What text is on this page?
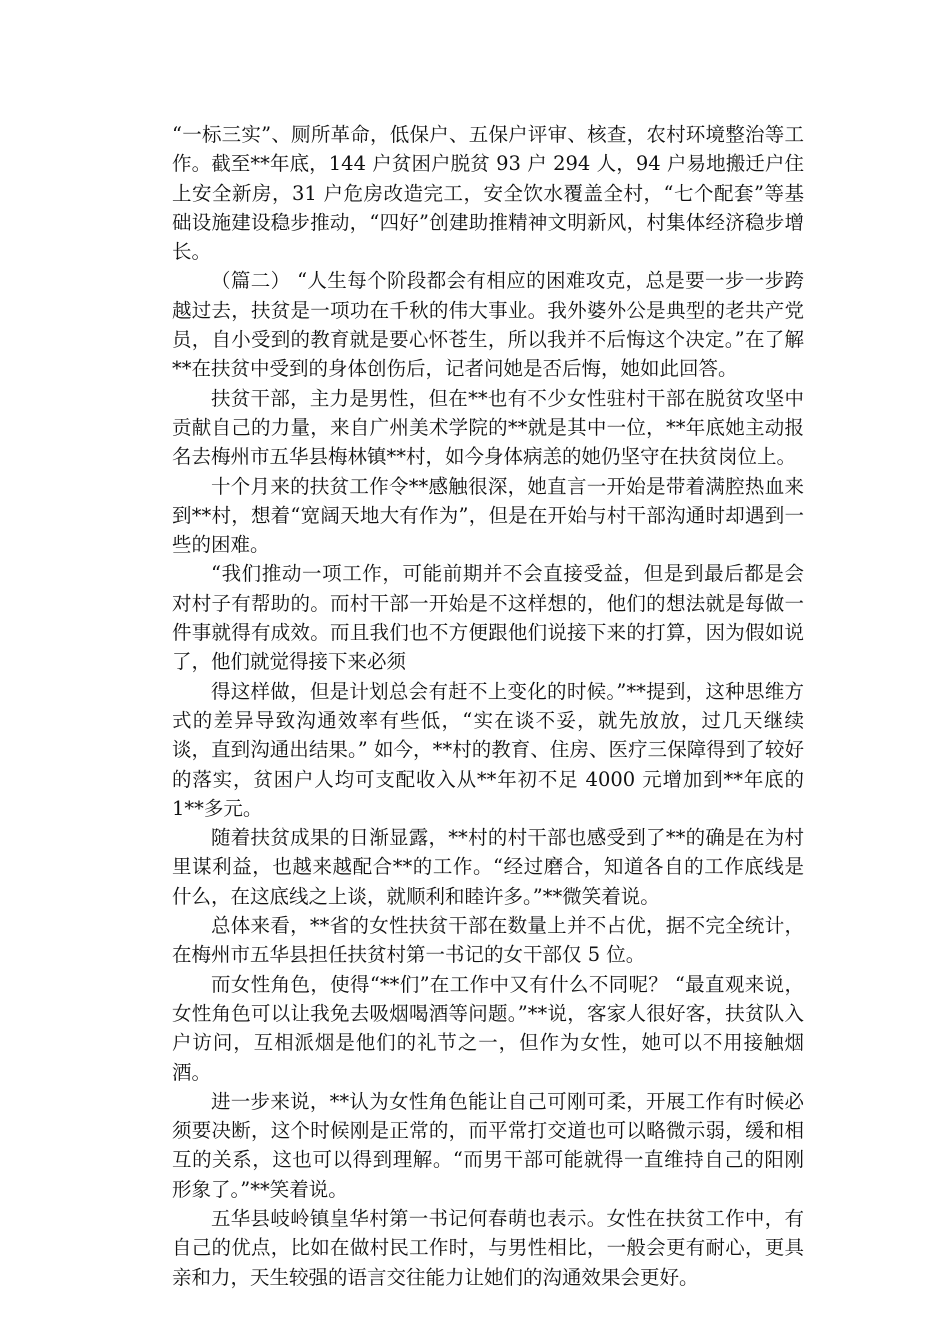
“一标三实”、厕所革命，低保户、五保户评审、核查，农村环境整治等工作。截至**年底，144 户贫困户脱贫 93 户 294 人，94 户易地搬迁户住上安全新房，31 户危房改造完工，安全饮水覆盖全村，“七个配套”等基础设施建设稳步推动，“四好”创建助推精神文明新风，村集体经济稳步增长。

（篇二） “人生每个阶段都会有相应的困难攻克，总是要一步一步跨越过去，扶贫是一项功在千秋的伟大事业。我外婆外公是典型的老共产党员，自小受到的教育就是要心怀苍生，所以我并不后悔这个决定。”在了解**在扶贫中受到的身体创伤后，记者问她是否后悔，她如此回答。

扶贫干部，主力是男性，但在**也有不少女性驻村干部在脱贫攻坚中贡献自己的力量，来自广州美术学院的**就是其中一位，**年底她主动报名去梅州市五华县梅林镇**村，如今身体病恙的她仍坚守在扶贫岗位上。

十个月来的扶贫工作令**感触很深，她直言一开始是带着满腔热血来到**村，想着“宽阔天地大有作为”，但是在开始与村干部沟通时却遇到一些的困难。

“我们推动一项工作，可能前期并不会直接受益，但是到最后都是会对村子有帮助的。而村干部一开始是不这样想的，他们的想法就是每做一件事就得有成效。而且我们也不方便跟他们说接下来的打算，因为假如说了，他们就觉得接下来必须

得这样做，但是计划总会有赶不上变化的时候。”**提到，这种思维方式的差异导致沟通效率有些低，“实在谈不妥，就先放放，过几天继续谈，直到沟通出结果。” 如今，**村的教育、住房、医疗三保障得到了较好的落实，贫困户人均可支配收入从**年初不足 4000 元增加到**年底的 1**多元。

随着扶贫成果的日渐显露，**村的村干部也感受到了**的确是在为村里谋利益，也越来越配合**的工作。“经过磨合，知道各自的工作底线是什么，在这底线之上谈，就顺利和睦许多。”**微笑着说。

总体来看，**省的女性扶贫干部在数量上并不占优，据不完全统计，在梅州市五华县担任扶贫村第一书记的女干部仅 5 位。

而女性角色，使得“**们”在工作中又有什么不同呢？ “最直观来说，女性角色可以让我免去吸烟喝酒等问题。”**说，客家人很好客，扶贫队入户访问，互相派烟是他们的礼节之一，但作为女性，她可以不用接触烟酒。

进一步来说，**认为女性角色能让自己可刚可柔，开展工作有时候必须要决断，这个时候刚是正常的，而平常打交道也可以略微示弱，缓和相互的关系，这也可以得到理解。“而男干部可能就得一直维持自己的阳刚形象了。”**笑着说。

五华县岐岭镇皇华村第一书记何春萌也表示。女性在扶贫工作中，有自己的优点，比如在做村民工作时，与男性相比，一般会更有耐心，更具亲和力，天生较强的语言交往能力让她们的沟通效果会更好。
